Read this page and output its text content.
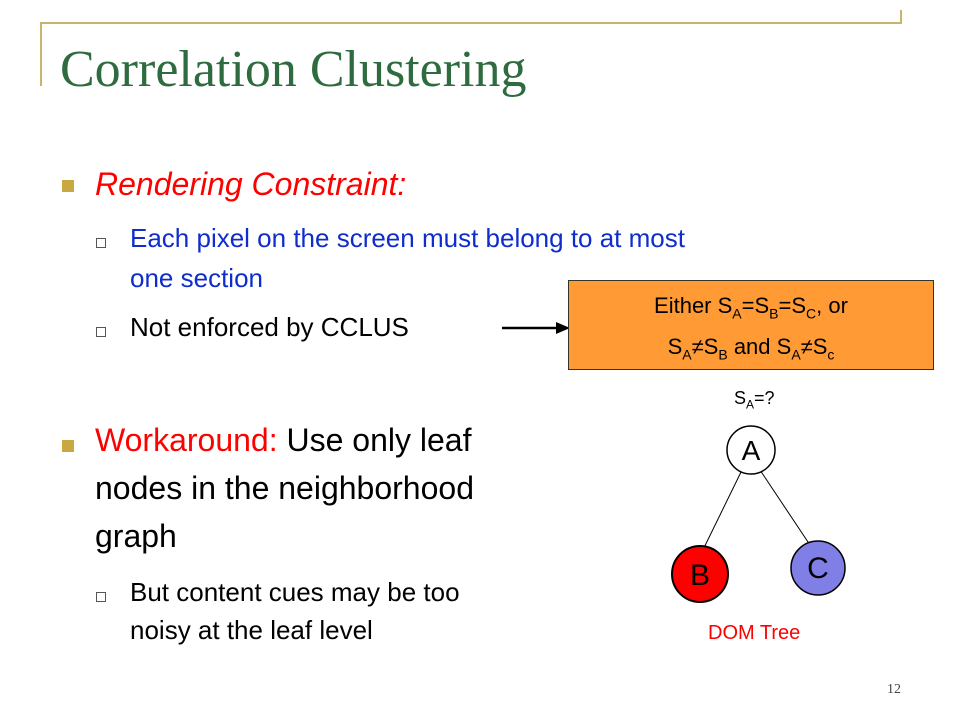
Correlation Clustering
Rendering Constraint:
Each pixel on the screen must belong to at most
one section
Not enforced by CCLUS
Either $S_A=S_B=S_C$, or
$S_A\ne S_B$ and $S_A\ne S_c$
Workaround: Use only leaf
nodes in the neighborhood
graph
But content cues may be too
noisy at the leaf level
$S_A=$?
A
B	C
DOM Tree
12
